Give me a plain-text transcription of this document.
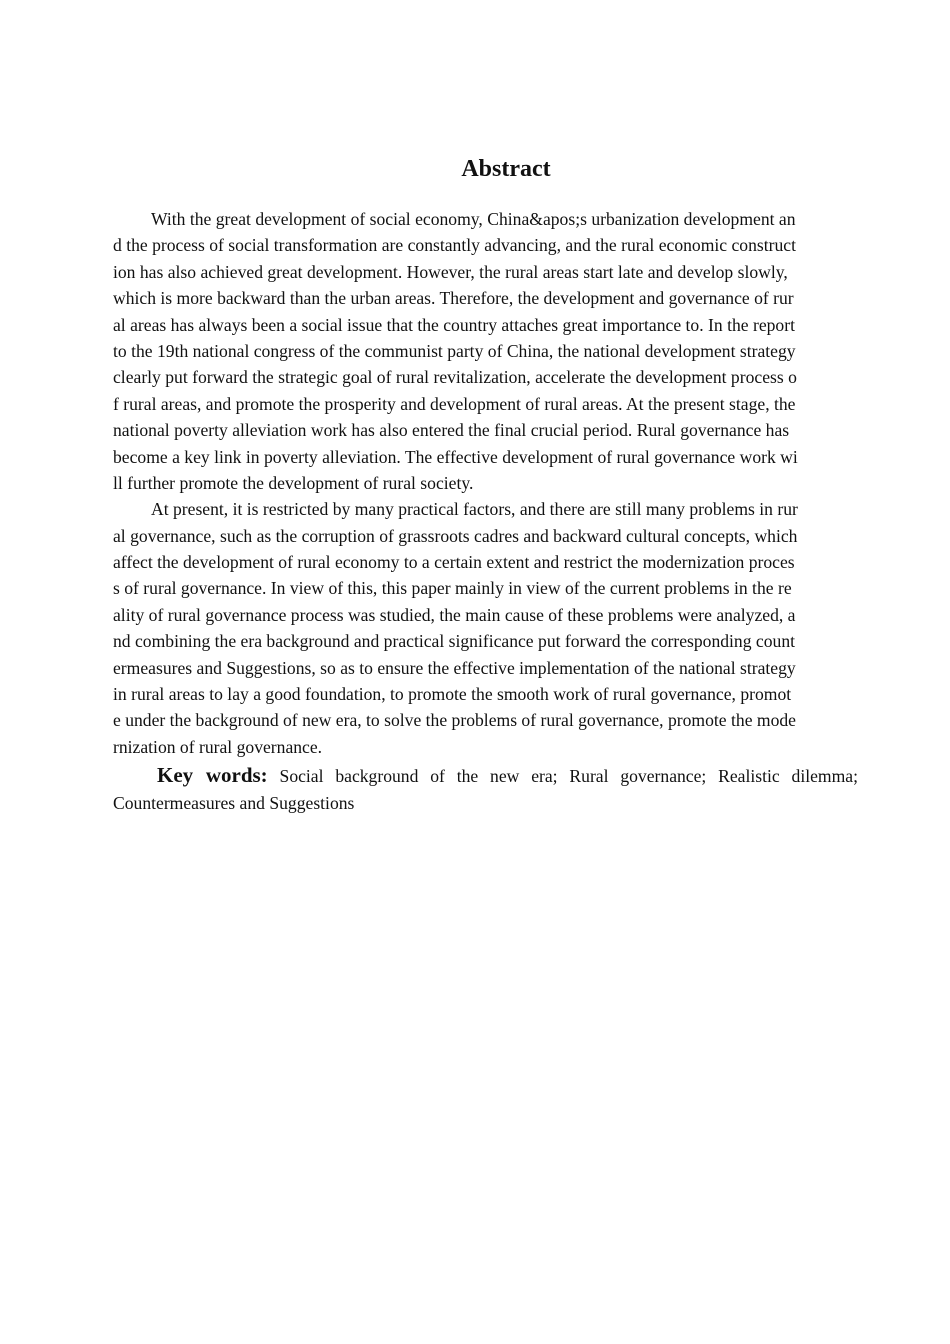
Abstract
With the great development of social economy, China&apos;s urbanization development an
d the process of social transformation are constantly advancing, and the rural economic construct
ion has also achieved great development. However, the rural areas start late and develop slowly,
which is more backward than the urban areas. Therefore, the development and governance of rur
al areas has always been a social issue that the country attaches great importance to. In the report
to the 19th national congress of the communist party of China, the national development strategy
clearly put forward the strategic goal of rural revitalization, accelerate the development process o
f rural areas, and promote the prosperity and development of rural areas. At the present stage, the
national poverty alleviation work has also entered the final crucial period. Rural governance has
become a key link in poverty alleviation. The effective development of rural governance work wi
ll further promote the development of rural society.
At present, it is restricted by many practical factors, and there are still many problems in rur
al governance, such as the corruption of grassroots cadres and backward cultural concepts, which
affect the development of rural economy to a certain extent and restrict the modernization proces
s of rural governance. In view of this, this paper mainly in view of the current problems in the re
ality of rural governance process was studied, the main cause of these problems were analyzed, a
nd combining the era background and practical significance put forward the corresponding count
ermeasures and Suggestions, so as to ensure the effective implementation of the national strategy
in rural areas to lay a good foundation, to promote the smooth work of rural governance, promot
e under the background of new era, to solve the problems of rural governance, promote the mode
rnization of rural governance.
Key words: Social background of the new era; Rural governance; Realistic dilemma;
Countermeasures and Suggestions
